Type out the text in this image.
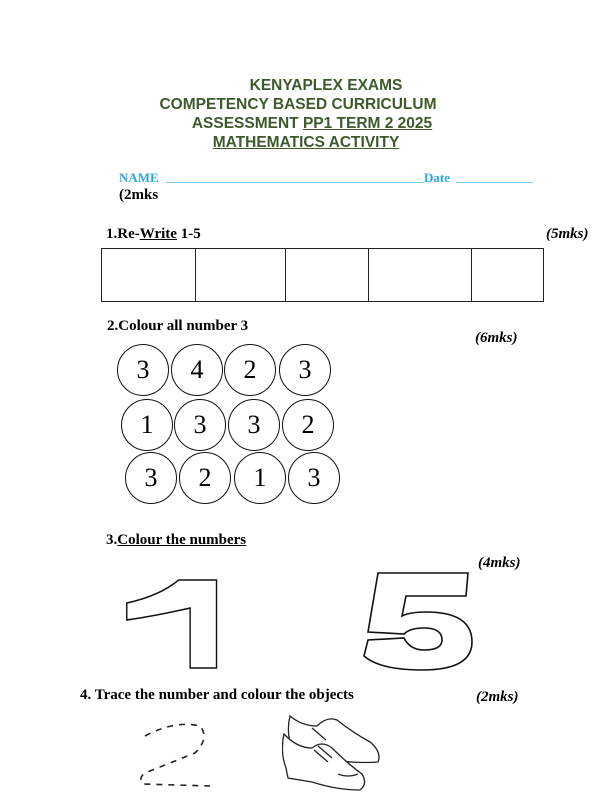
KENYAPLEX EXAMS
COMPETENCY BASED CURRICULUM
ASSESSMENT PP1 TERM 2 2025
MATHEMATICS ACTIVITY
NAME	Date
(2mks
1.Re-Write 1-5	(5mks)

2.Colour all number 3
(6mks)
3	4	2	3
1	3	3	2
3	2	1	3
3.Colour the numbers
(4mks)
4. Trace the number and colour the objects	(2mks)
